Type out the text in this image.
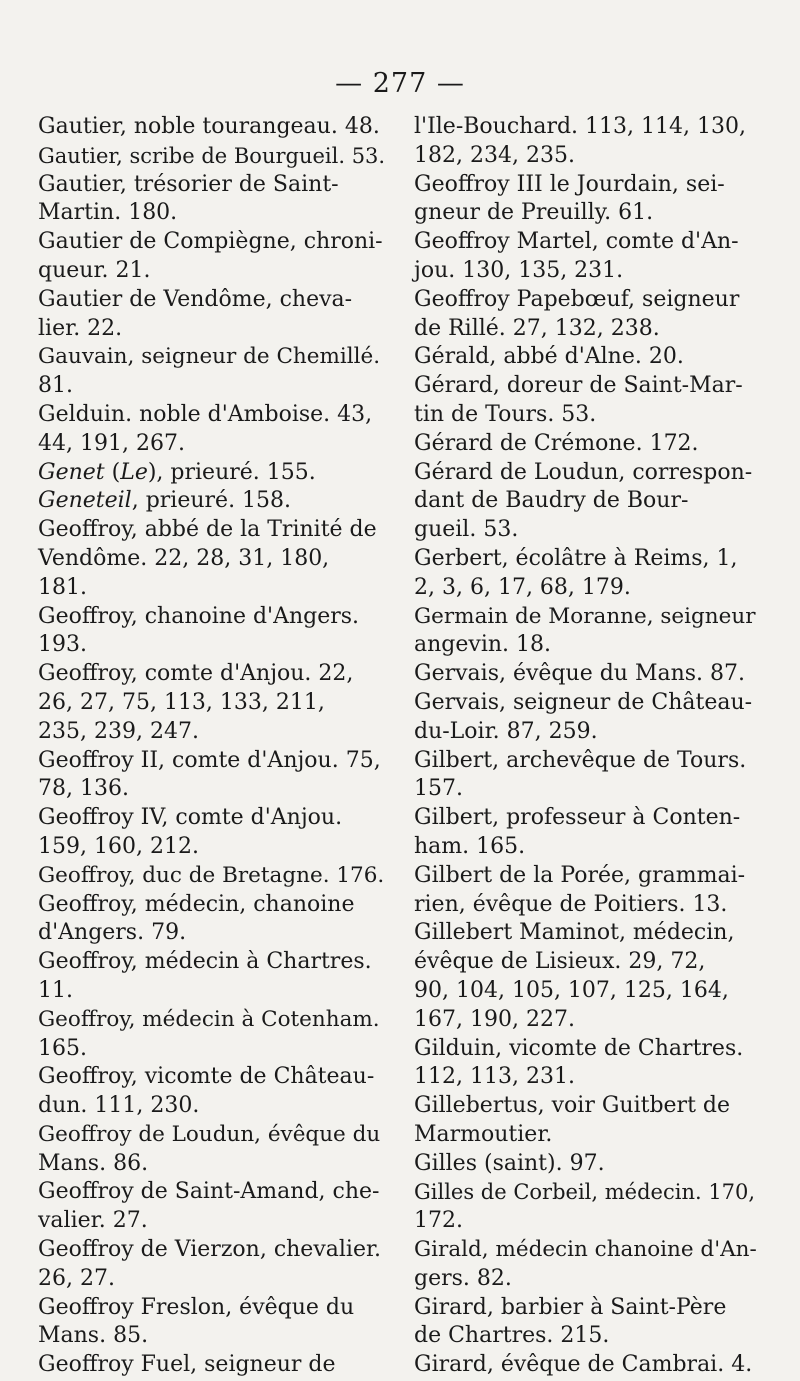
— 277 —
Gautier, noble tourangeau. 48.
Gautier, scribe de Bourgueil. 53.
Gautier, trésorier de Saint-
Martin. 180.
Gautier de Compiègne, chroni-
queur. 21.
Gautier de Vendôme, cheva-
lier. 22.
Gauvain, seigneur de Chemillé.
81.
Gelduin. noble d'Amboise. 43,
44, 191, 267.
Genet (Le), prieuré. 155.
Geneteil, prieuré. 158.
Geoffroy, abbé de la Trinité de
Vendôme. 22, 28, 31, 180,
181.
Geoffroy, chanoine d'Angers.
193.
Geoffroy, comte d'Anjou. 22,
26, 27, 75, 113, 133, 211,
235, 239, 247.
Geoffroy II, comte d'Anjou. 75,
78, 136.
Geoffroy IV, comte d'Anjou.
159, 160, 212.
Geoffroy, duc de Bretagne. 176.
Geoffroy, médecin, chanoine
d'Angers. 79.
Geoffroy, médecin à Chartres.
11.
Geoffroy, médecin à Cotenham.
165.
Geoffroy, vicomte de Château-
dun. 111, 230.
Geoffroy de Loudun, évêque du
Mans. 86.
Geoffroy de Saint-Amand, che-
valier. 27.
Geoffroy de Vierzon, chevalier.
26, 27.
Geoffroy Freslon, évêque du
Mans. 85.
Geoffroy Fuel, seigneur de
l'Ile-Bouchard. 113, 114, 130,
182, 234, 235.
Geoffroy III le Jourdain, sei-
gneur de Preuilly. 61.
Geoffroy Martel, comte d'An-
jou. 130, 135, 231.
Geoffroy Papebœuf, seigneur
de Rillé. 27, 132, 238.
Gérald, abbé d'Alne. 20.
Gérard, doreur de Saint-Mar-
tin de Tours. 53.
Gérard de Crémone. 172.
Gérard de Loudun, correspon-
dant de Baudry de Bour-
gueil. 53.
Gerbert, écolâtre à Reims, 1,
2, 3, 6, 17, 68, 179.
Germain de Moranne, seigneur
angevin. 18.
Gervais, évêque du Mans. 87.
Gervais, seigneur de Château-
du-Loir. 87, 259.
Gilbert, archevêque de Tours.
157.
Gilbert, professeur à Conten-
ham. 165.
Gilbert de la Porée, grammai-
rien, évêque de Poitiers. 13.
Gillebert Maminot, médecin,
évêque de Lisieux. 29, 72,
90, 104, 105, 107, 125, 164,
167, 190, 227.
Gilduin, vicomte de Chartres.
112, 113, 231.
Gillebertus, voir Guitbert de
Marmoutier.
Gilles (saint). 97.
Gilles de Corbeil, médecin. 170,
172.
Girald, médecin chanoine d'An-
gers. 82.
Girard, barbier à Saint-Père
de Chartres. 215.
Girard, évêque de Cambrai. 4.
